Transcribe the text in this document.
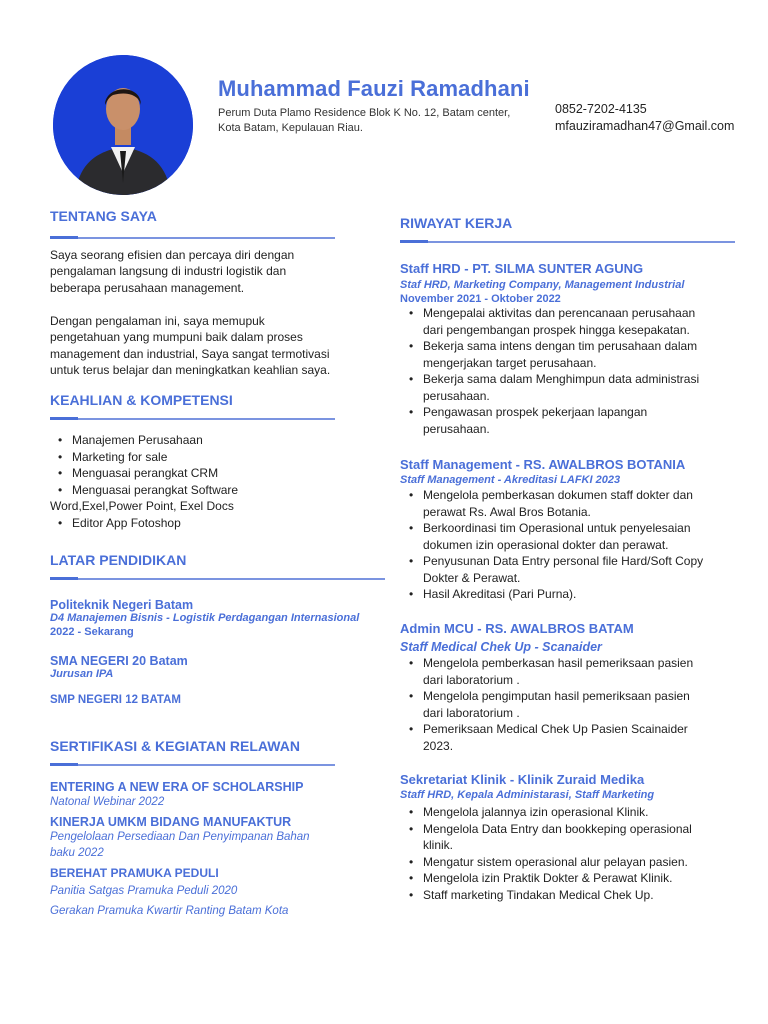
Muhammad Fauzi Ramadhani
Perum Duta Plamo Residence Blok K No. 12, Batam center,
Kota Batam, Kepulauan Riau.
0852-7202-4135
mfauziramadhan47@Gmail.com
TENTANG SAYA
Saya seorang efisien dan percaya diri dengan
pengalaman langsung di industri logistik dan
beberapa perusahaan management.
Dengan pengalaman ini, saya memupuk
pengetahuan yang mumpuni baik dalam proses
management dan industrial, Saya sangat termotivasi
untuk terus belajar dan meningkatkan keahlian saya.
KEAHLIAN & KOMPETENSI
• Manajemen Perusahaan
• Marketing for sale
• Menguasai perangkat CRM
• Menguasai perangkat Software
Word,Exel,Power Point, Exel Docs
• Editor App Fotoshop
LATAR PENDIDIKAN
Politeknik Negeri Batam
D4 Manajemen Bisnis - Logistik Perdagangan Internasional
2022 - Sekarang
SMA NEGERI 20 Batam
Jurusan IPA
SMP NEGERI 12 BATAM
SERTIFIKASI & KEGIATAN RELAWAN
ENTERING A NEW ERA OF SCHOLARSHIP
Natonal Webinar 2022
KINERJA UMKM BIDANG MANUFAKTUR
Pengelolaan Persediaan Dan Penyimpanan Bahan
baku 2022
BEREHAT PRAMUKA PEDULI
Panitia Satgas Pramuka Peduli 2020
Gerakan Pramuka Kwartir Ranting Batam Kota
RIWAYAT KERJA
Staff HRD - PT. SILMA SUNTER AGUNG
Staf HRD, Marketing Company, Management Industrial
November 2021 - Oktober 2022
• Mengepalai aktivitas dan perencanaan perusahaan
dari pengembangan prospek hingga kesepakatan.
• Bekerja sama intens dengan tim perusahaan dalam
mengerjakan target perusahaan.
• Bekerja sama dalam Menghimpun data administrasi
perusahaan.
• Pengawasan prospek pekerjaan lapangan
perusahaan.
Staff Management - RS. AWALBROS BOTANIA
Staff Management - Akreditasi LAFKI 2023
• Mengelola pemberkasan dokumen staff dokter dan
perawat Rs. Awal Bros Botania.
• Berkoordinasi tim Operasional untuk penyelesaian
dokumen izin operasional dokter dan perawat.
• Penyusunan Data Entry personal file Hard/Soft Copy
Dokter & Perawat.
• Hasil Akreditasi (Pari Purna).
Admin MCU - RS. AWALBROS BATAM
Staff Medical Chek Up - Scanaider
• Mengelola pemberkasan hasil pemeriksaan pasien
dari laboratorium .
• Mengelola pengimputan hasil pemeriksaan pasien
dari laboratorium .
• Pemeriksaan Medical Chek Up Pasien Scainaider
2023.
Sekretariat Klinik - Klinik Zuraid Medika
Staff HRD, Kepala Administarasi, Staff Marketing
• Mengelola jalannya izin operasional Klinik.
• Mengelola Data Entry dan bookkeping operasional
klinik.
• Mengatur sistem operasional alur pelayan pasien.
• Mengelola izin Praktik Dokter & Perawat Klinik.
• Staff marketing Tindakan Medical Chek Up.
